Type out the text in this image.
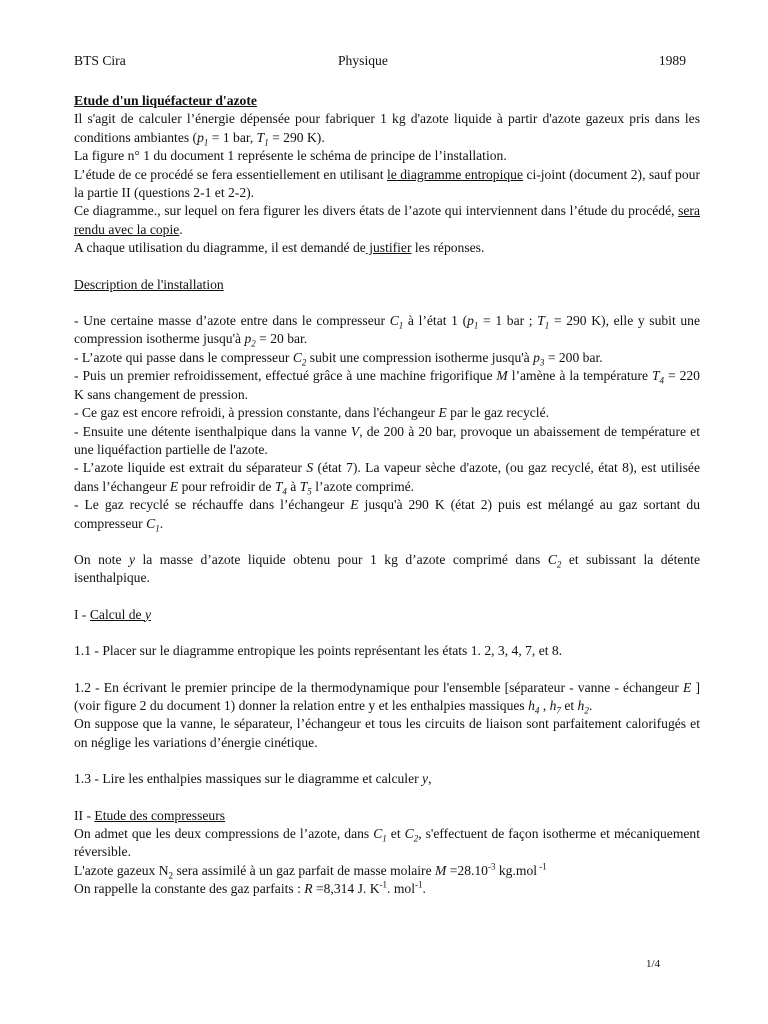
BTS Cira	Physique	1989

Etude d'un liquéfacteur d'azote

Il s'agit de calculer l’énergie dépensée pour fabriquer 1 kg d'azote liquide à partir d'azote gazeux pris dans les conditions ambiantes ($p_1 = 1$ bar, $T_1 = 290$ K).
La figure n° 1 du document 1 représente le schéma de principe de l’installation.
L’étude de ce procédé se fera essentiellement en utilisant le diagramme entropique ci-joint (document 2), sauf pour la partie II (questions 2-1 et 2-2).
Ce diagramme., sur lequel on fera figurer les divers états de l’azote qui interviennent dans l’étude du procédé, sera rendu avec la copie.
A chaque utilisation du diagramme, il est demandé de justifier les réponses.

Description de l'installation

- Une certaine masse d’azote entre dans le compresseur $C_1$ à l’état 1 ($p_1 = 1$ bar ; $T_1 = 290$ K), elle y subit une compression isotherme jusqu'à $p_2 = 20$ bar.
- L’azote qui passe dans le compresseur $C_2$ subit une compression isotherme jusqu'à $p_3 = 200$ bar.
- Puis un premier refroidissement, effectué grâce à une machine frigorifique M l’amène à la température $T_4 = 220$ K sans changement de pression.
- Ce gaz est encore refroidi, à pression constante, dans l'échangeur E par le gaz recyclé.
- Ensuite une détente isenthalpique dans la vanne V, de 200 à 20 bar, provoque un abaissement de température et une liquéfaction partielle de l'azote.
- L’azote liquide est extrait du séparateur S (état 7). La vapeur sèche d'azote, (ou gaz recyclé, état 8), est utilisée dans l’échangeur E pour refroidir de $T_4$ à $T_5$ l’azote comprimé.
- Le gaz recyclé se réchauffe dans l’échangeur E jusqu'à 290 K (état 2) puis est mélangé au gaz sortant du compresseur $C_1$.

On note y la masse d’azote liquide obtenu pour 1 kg d’azote comprimé dans $C_2$ et subissant la détente isenthalpique.

I - Calcul de y

1.1 - Placer sur le diagramme entropique les points représentant les états 1. 2, 3, 4, 7, et 8.

1.2 - En écrivant le premier principe de la thermodynamique pour l'ensemble [séparateur - vanne - échangeur E ] (voir figure 2 du document 1) donner la relation entre y et les enthalpies massiques $h_4$ , $h_7$ et $h_2$.
On suppose que la vanne, le séparateur, l’échangeur et tous les circuits de liaison sont parfaitement calorifugés et on néglige les variations d’énergie cinétique.

1.3 - Lire les enthalpies massiques sur le diagramme et calculer y,

II - Etude des compresseurs

On admet que les deux compressions de l’azote, dans $C_1$ et $C_2$, s'effectuent de façon isotherme et mécaniquement réversible.
L'azote gazeux $N_2$ sera assimilé à un gaz parfait de masse molaire $M =28.10^{-3}$ kg.mol $^{-1}$
On rappelle la constante des gaz parfaits : R =8,314 J. $K^{-1}$. mol$^{-1}$.

1/4
